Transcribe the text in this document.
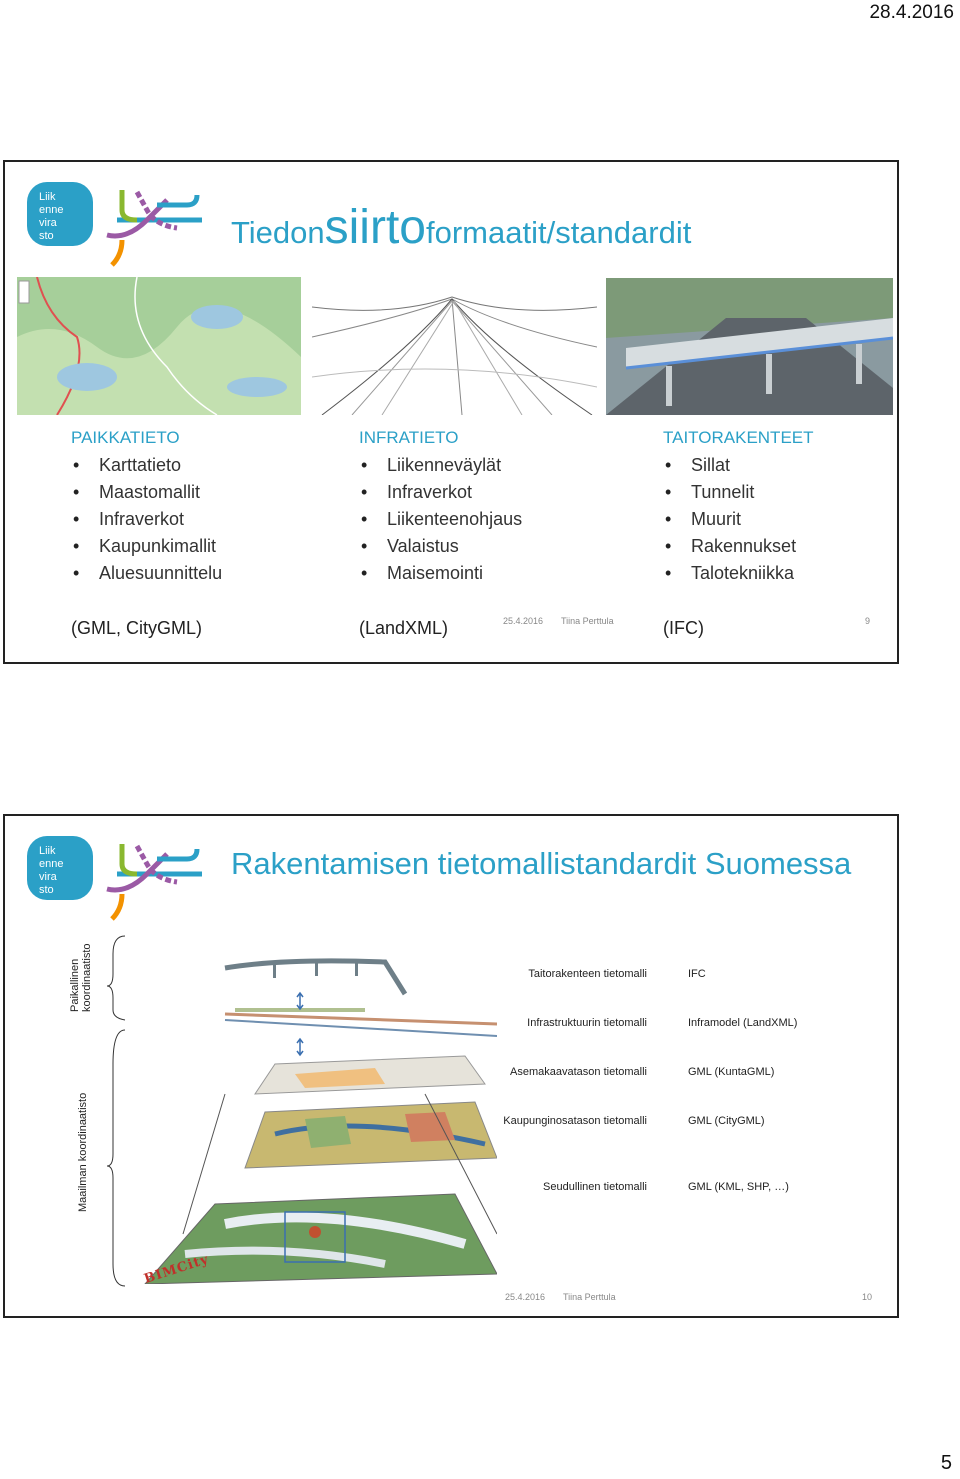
28.4.2016
Liik
enne
vira
sto	Tiedonsiirtoformaatit/standardit
PAIKKATIETO
• Karttatieto
• Maastomallit
• Infraverkot
• Kaupunkimallit
• Aluesuunnittelu
INFRATIETO
• Liikenneväylät
• Infraverkot
• Liikenteenohjaus
• Valaistus
• Maisemointi
TAITORAKENTEET
• Sillat
• Tunnelit
• Muurit
• Rakennukset
• Talotekniikka
(GML, CityGML)	(LandXML)	(IFC)
25.4.2016 Tiina Perttula	9
Liik
enne
vira
sto
Rakentamisen tietomallistandardit Suomessa
Paikallinen koordinaatisto
Maailman koordinaatisto
BIMCity
Taitorakenteen tietomalli	IFC
Infrastruktuurin tietomalli	Inframodel (LandXML)
Asemakaavatason tietomalli	GML (KuntaGML)
Kaupunginosatason tietomalli	GML (CityGML)
Seudullinen tietomalli	GML (KML, SHP, …)
25.4.2016 Tiina Perttula	10
5
